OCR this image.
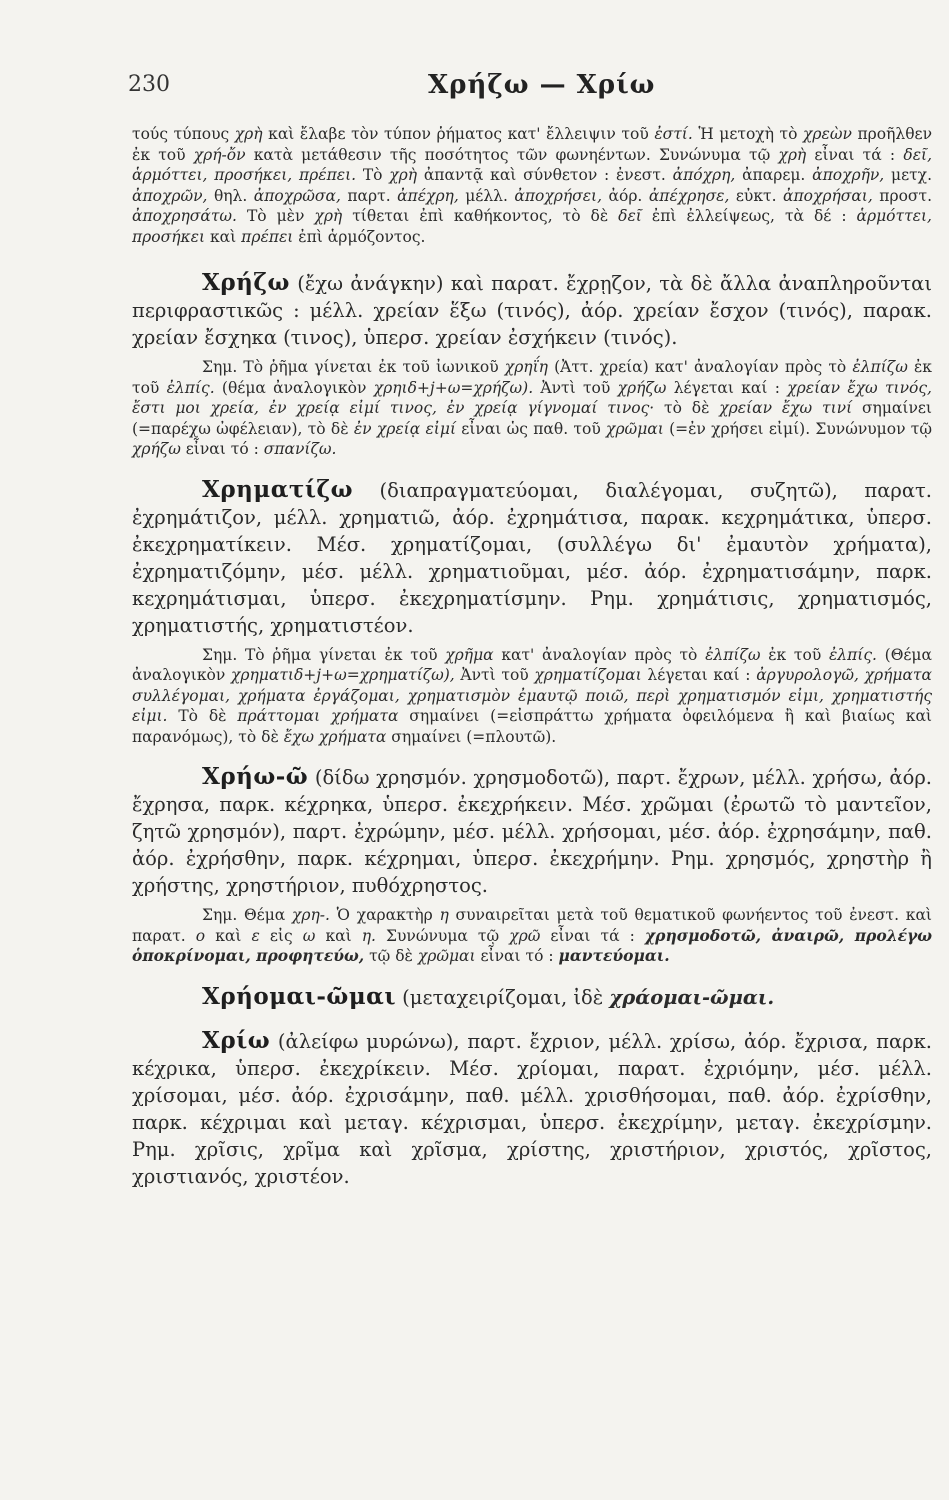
230	Χρήζω — Χρίω

τούς τύπους χρὴ καὶ ἔλαβε τὸν τύπον ῥήματος κατ' ἔλλειψιν τοῦ ἐστί. Ἡ μετοχὴ τὸ χρεὼν προῆλθεν ἐκ τοῦ χρή-ὄν κατὰ μετάθεσιν τῆς ποσότητος τῶν φωνηέντων. Συνώνυμα τῷ χρὴ εἶναι τά : δεῖ, ἁρμόττει, προσήκει, πρέπει. Τὸ χρὴ ἀπαντᾷ καὶ σύνθετον : ἐνεστ. ἀπόχρη, ἀπαρεμ. ἀποχρῆν, μετχ. ἀποχρῶν, θηλ. ἀποχρῶσα, παρτ. ἀπέχρη, μέλλ. ἀποχρήσει, ἀόρ. ἀπέχρησε, εὐκτ. ἀποχρήσαι, προστ. ἀποχρησάτω. Τὸ μὲν χρὴ τίθεται ἐπὶ καθήκοντος, τὸ δὲ δεῖ ἐπὶ ἐλλείψεως, τὰ δέ : ἁρμόττει, προσήκει καὶ πρέπει ἐπὶ ἁρμόζοντος.

Χρήζω (ἔχω ἀνάγκην) καὶ παρατ. ἔχρῃζον, τὰ δὲ ἄλλα ἀναπληροῦνται περιφραστικῶς : μέλλ. χρείαν ἕξω (τινός), ἀόρ. χρείαν ἔσχον (τινός), παρακ. χρείαν ἔσχηκα (τινος), ὑπερσ. χρείαν ἐσχήκειν (τινός).

Σημ. Τὸ ῥῆμα γίνεται ἐκ τοῦ ἰωνικοῦ χρηΐη (Ἀττ. χρεία) κατ' ἀναλογίαν πρὸς τὸ ἐλπίζω ἐκ τοῦ ἐλπίς. (θέμα ἀναλογικὸν χρηιδ+j+ω=χρήζω). Ἀντὶ τοῦ χρήζω λέγεται καί : χρείαν ἔχω τινός, ἔστι μοι χρεία, ἐν χρείᾳ εἰμί τινος, ἐν χρείᾳ γίγνομαί τινος· τὸ δὲ χρείαν ἔχω τινί σημαίνει (=παρέχω ὠφέλειαν), τὸ δὲ ἐν χρείᾳ εἰμί εἶναι ὡς παθ. τοῦ χρῶμαι (=ἐν χρήσει εἰμί). Συνώνυμον τῷ χρήζω εἶναι τό : σπανίζω.

Χρηματίζω (διαπραγματεύομαι, διαλέγομαι, συζητῶ), παρατ. ἐχρημάτιζον, μέλλ. χρηματιῶ, ἀόρ. ἐχρημάτισα, παρακ. κεχρημάτικα, ὑπερσ. ἐκεχρηματίκειν. Μέσ. χρηματίζομαι, (συλλέγω δι' ἐμαυτὸν χρήματα), ἐχρηματιζόμην, μέσ. μέλλ. χρηματιοῦμαι, μέσ. ἀόρ. ἐχρηματισάμην, παρκ. κεχρημάτισμαι, ὑπερσ. ἐκεχρηματίσμην. Ρημ. χρημάτισις, χρηματισμός, χρηματιστής, χρηματιστέον.

Σημ. Τὸ ῥῆμα γίνεται ἐκ τοῦ χρῆμα κατ' ἀναλογίαν πρὸς τὸ ἐλπίζω ἐκ τοῦ ἐλπίς. (Θέμα ἀναλογικὸν χρηματιδ+j+ω=χρηματίζω), Ἀντὶ τοῦ χρηματίζομαι λέγεται καί : ἀργυρολογῶ, χρήματα συλλέγομαι, χρήματα ἐργάζομαι, χρηματισμὸν ἐμαυτῷ ποιῶ, περὶ χρηματισμόν εἰμι, χρηματιστής εἰμι. Τὸ δὲ πράττομαι χρήματα σημαίνει (=εἰσπράττω χρήματα ὀφειλόμενα ἢ καὶ βιαίως καὶ παρανόμως), τὸ δὲ ἔχω χρήματα σημαίνει (=πλουτῶ).

Χρήω-ῶ (δίδω χρησμόν. χρησμοδοτῶ), παρτ. ἔχρων, μέλλ. χρήσω, ἀόρ. ἔχρησα, παρκ. κέχρηκα, ὑπερσ. ἐκεχρήκειν. Μέσ. χρῶμαι (ἐρωτῶ τὸ μαντεῖον, ζητῶ χρησμόν), παρτ. ἐχρώμην, μέσ. μέλλ. χρήσομαι, μέσ. ἀόρ. ἐχρησάμην, παθ. ἀόρ. ἐχρήσθην, παρκ. κέχρημαι, ὑπερσ. ἐκεχρήμην. Ρημ. χρησμός, χρηστὴρ ἢ χρήστης, χρηστήριον, πυθόχρηστος.

Σημ. Θέμα χρη-. Ὁ χαρακτὴρ η συναιρεῖται μετὰ τοῦ θεματικοῦ φωνήεντος τοῦ ἐνεστ. καὶ παρατ. ο καὶ ε εἰς ω καὶ η. Συνώνυμα τῷ χρῶ εἶναι τά : χρησμοδοτῶ, ἀναιρῶ, προλέγω ὁποκρίνομαι, προφητεύω, τῷ δὲ χρῶμαι εἶναι τό : μαντεύομαι.

Χρήομαι-ῶμαι (μεταχειρίζομαι, ἰδὲ χράομαι-ῶμαι.

Χρίω (ἀλείφω μυρώνω), παρτ. ἔχριον, μέλλ. χρίσω, ἀόρ. ἔχρισα, παρκ. κέχρικα, ὑπερσ. ἐκεχρίκειν. Μέσ. χρίομαι, παρατ. ἐχριόμην, μέσ. μέλλ. χρίσομαι, μέσ. ἀόρ. ἐχρισάμην, παθ. μέλλ. χρισθήσομαι, παθ. ἀόρ. ἐχρίσθην, παρκ. κέχριμαι καὶ μεταγ. κέχρισμαι, ὑπερσ. ἐκεχρίμην, μεταγ. ἐκεχρίσμην. Ρημ. χρῖσις, χρῖμα καὶ χρῖσμα, χρίστης, χριστήριον, χριστός, χρῖστος, χριστιανός, χριστέον.
